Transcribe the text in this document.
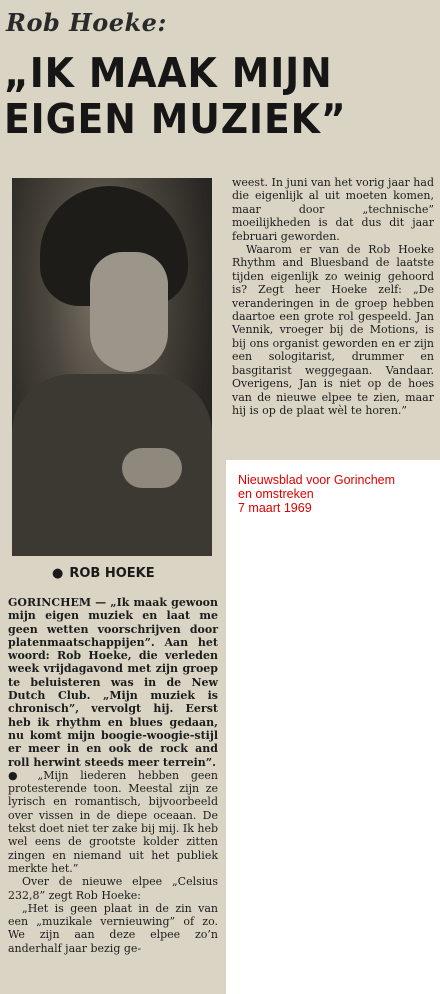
Rob Hoeke:
„IK MAAK MIJN
EIGEN MUZIEK”
● ROB HOEKE

GORINCHEM — „Ik maak gewoon mijn eigen muziek en laat me geen wetten voorschrijven door platenmaatschappijen”. Aan het woord: Rob Hoeke, die verleden week vrijdagavond met zijn groep te beluisteren was in de New Dutch Club. „Mijn muziek is chronisch”, vervolgt hij. Eerst heb ik rhythm en blues gedaan, nu komt mijn boogie-woogie-stijl er meer in en ook de rock and roll herwint steeds meer terrein”.

● „Mijn liederen hebben geen protesterende toon. Meestal zijn ze lyrisch en romantisch, bijvoorbeeld over vissen in de diepe oceaan. De tekst doet niet ter zake bij mij. Ik heb wel eens de grootste kolder zitten zingen en niemand uit het publiek merkte het.”

Over de nieuwe elpee „Celsius 232,8” zegt Rob Hoeke:

„Het is geen plaat in de zin van een „muzikale vernieuwing” of zo. We zijn aan deze elpee zo’n anderhalf jaar bezig ge-

weest. In juni van het vorig jaar had die eigenlijk al uit moeten komen, maar door „technische” moeilijkheden is dat dus dit jaar februari geworden.

Waarom er van de Rob Hoeke Rhythm and Bluesband de laatste tijden eigenlijk zo weinig gehoord is? Zegt heer Hoeke zelf: „De veranderingen in de groep hebben daartoe een grote rol gespeeld. Jan Vennik, vroeger bij de Motions, is bij ons organist geworden en er zijn een sologitarist, drummer en basgitarist weggegaan. Vandaar. Overigens, Jan is niet op de hoes van de nieuwe elpee te zien, maar hij is op de plaat wèl te horen.”

Nieuwsblad voor Gorinchem
en omstreken
7 maart 1969
